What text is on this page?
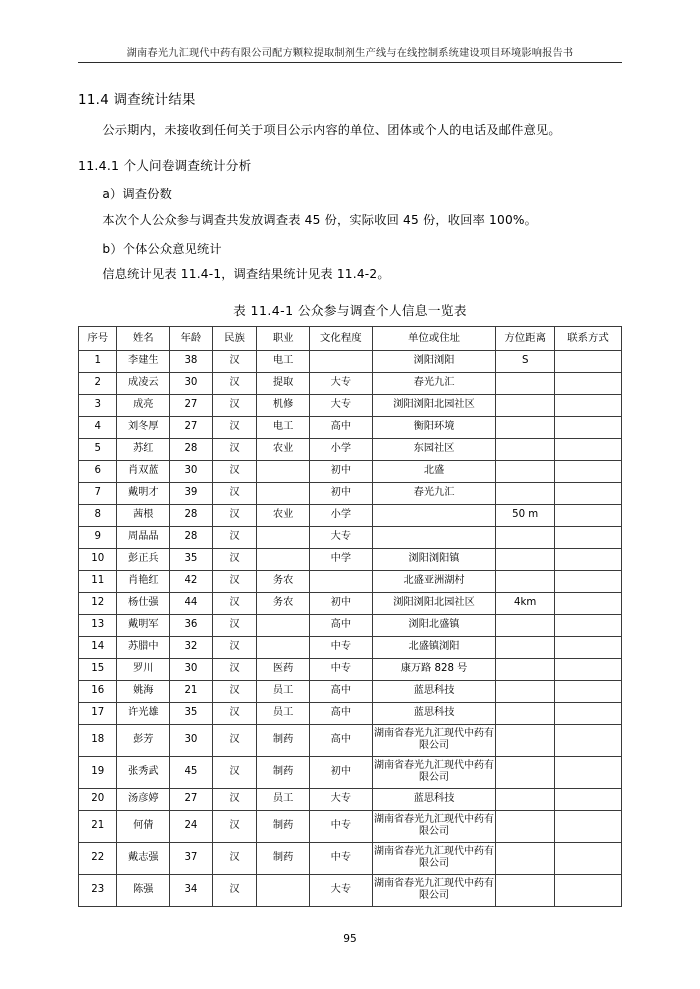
湖南春光九汇现代中药有限公司配方颗粒提取制剂生产线与在线控制系统建设项目环境影响报告书
11.4 调查统计结果
公示期内，未接收到任何关于项目公示内容的单位、团体或个人的电话及邮件意见。
11.4.1 个人问卷调查统计分析
a）调查份数
本次个人公众参与调查共发放调查表 45 份，实际收回 45 份，收回率 100%。
b）个体公众意见统计
信息统计见表 11.4-1，调查结果统计见表 11.4-2。
表 11.4-1 公众参与调查个人信息一览表
序号	姓名	年龄	民族	职业	文化程度	单位或住址	方位距离	联系方式
1	李建生	38	汉	电工		浏阳浏阳	S	
2	成凌云	30	汉	提取	大专	春光九汇		
3	成亮	27	汉	机修	大专	浏阳浏阳北园社区		
4	刘冬厚	27	汉	电工	高中	衡阳环境		
5	苏红	28	汉	农业	小学	东园社区		
6	肖双蓝	30	汉		初中	北盛		
7	戴明才	39	汉		初中	春光九汇		
8	茜根	28	汉	农业	小学		50 m	
9	周晶晶	28	汉		大专			
10	彭正兵	35	汉		中学	浏阳浏阳镇		
11	肖艳红	42	汉	务农		北盛亚洲湖村		
12	杨仕强	44	汉	务农	初中	浏阳浏阳北园社区	4km	
13	戴明军	36	汉		高中	浏阳北盛镇		
14	苏腊中	32	汉		中专	北盛镇浏阳		
15	罗川	30	汉	医药	中专	康万路 828 号		
16	姚海	21	汉	员工	高中	蓝思科技		
17	许光雄	35	汉	员工	高中	蓝思科技		
18	彭芳	30	汉	制药	高中	湖南省春光九汇现代中药有限公司		
19	张秀武	45	汉	制药	初中	湖南省春光九汇现代中药有限公司		
20	汤彦婷	27	汉	员工	大专	蓝思科技		
21	何倩	24	汉	制药	中专	湖南省春光九汇现代中药有限公司		
22	戴志强	37	汉	制药	中专	湖南省春光九汇现代中药有限公司		
23	陈强	34	汉		大专	湖南省春光九汇现代中药有限公司		
95
